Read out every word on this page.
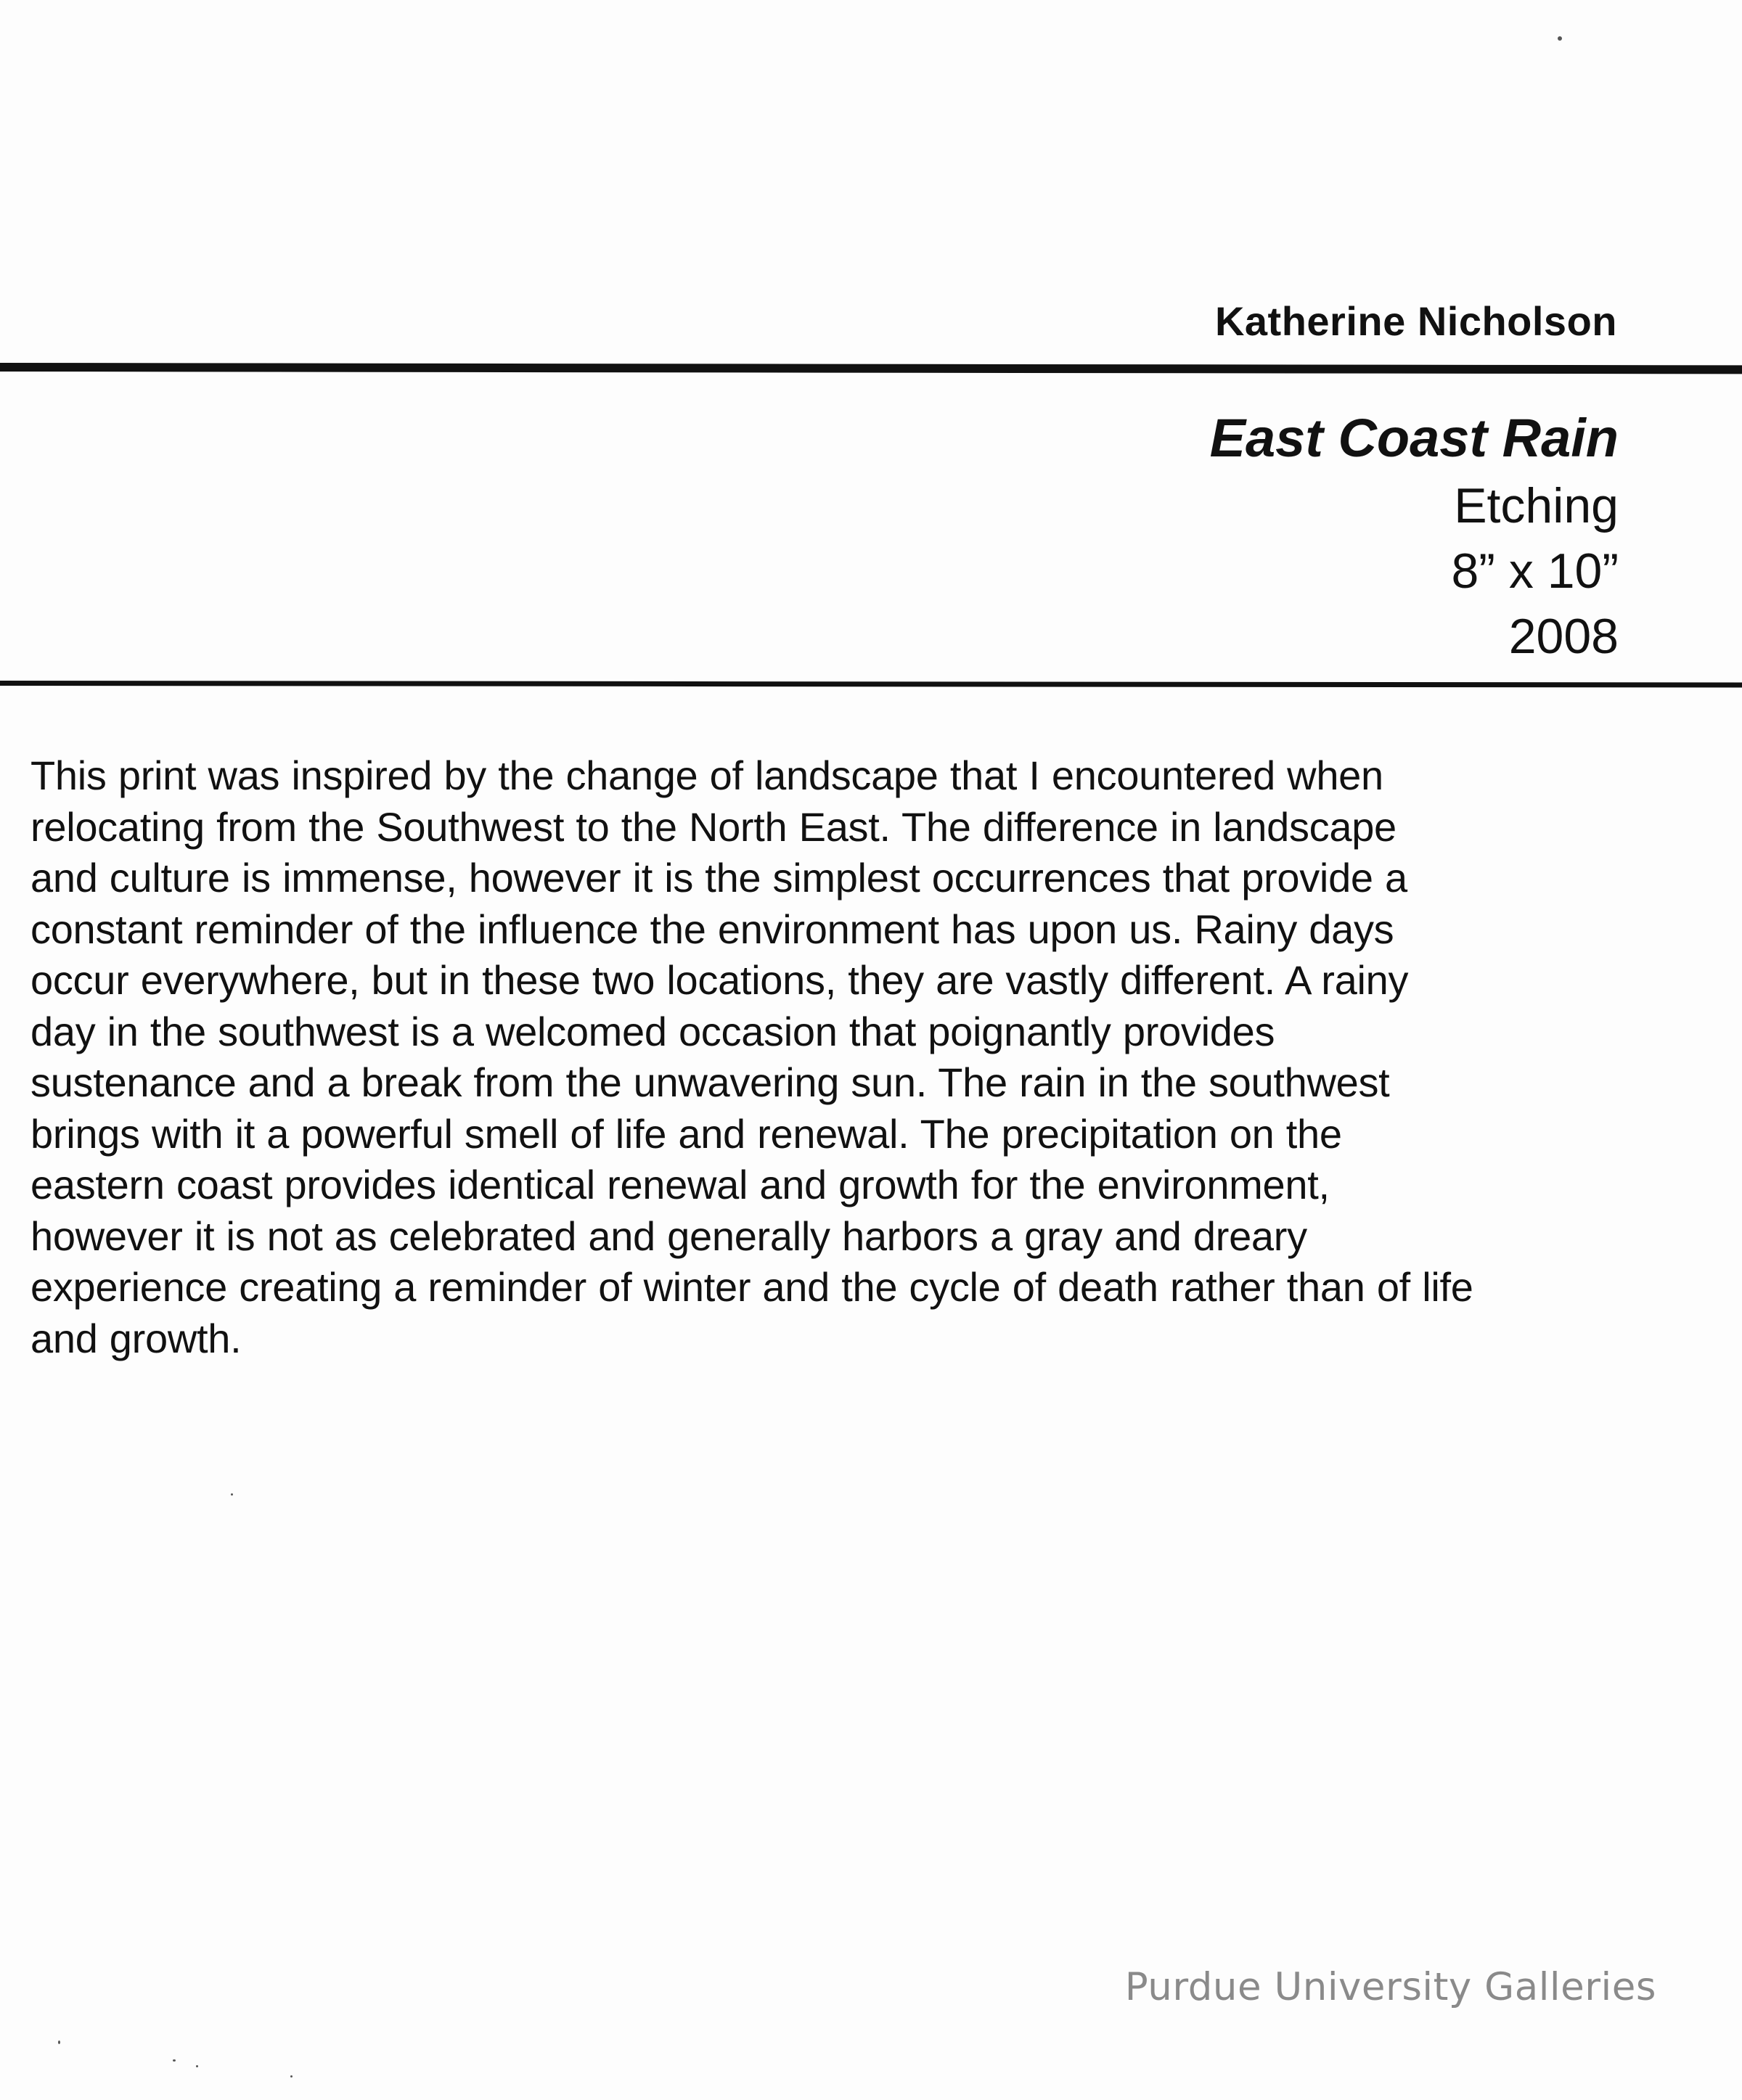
Katherine Nicholson
East Coast Rain
Etching
8” x 10”
2008

This print was inspired by the change of landscape that I encountered when
relocating from the Southwest to the North East. The difference in landscape
and culture is immense, however it is the simplest occurrences that provide a
constant reminder of the influence the environment has upon us. Rainy days
occur everywhere, but in these two locations, they are vastly different. A rainy
day in the southwest is a welcomed occasion that poignantly provides
sustenance and a break from the unwavering sun. The rain in the southwest
brings with it a powerful smell of life and renewal. The precipitation on the
eastern coast provides identical renewal and growth for the environment,
however it is not as celebrated and generally harbors a gray and dreary
experience creating a reminder of winter and the cycle of death rather than of life
and growth.

Purdue University Galleries
